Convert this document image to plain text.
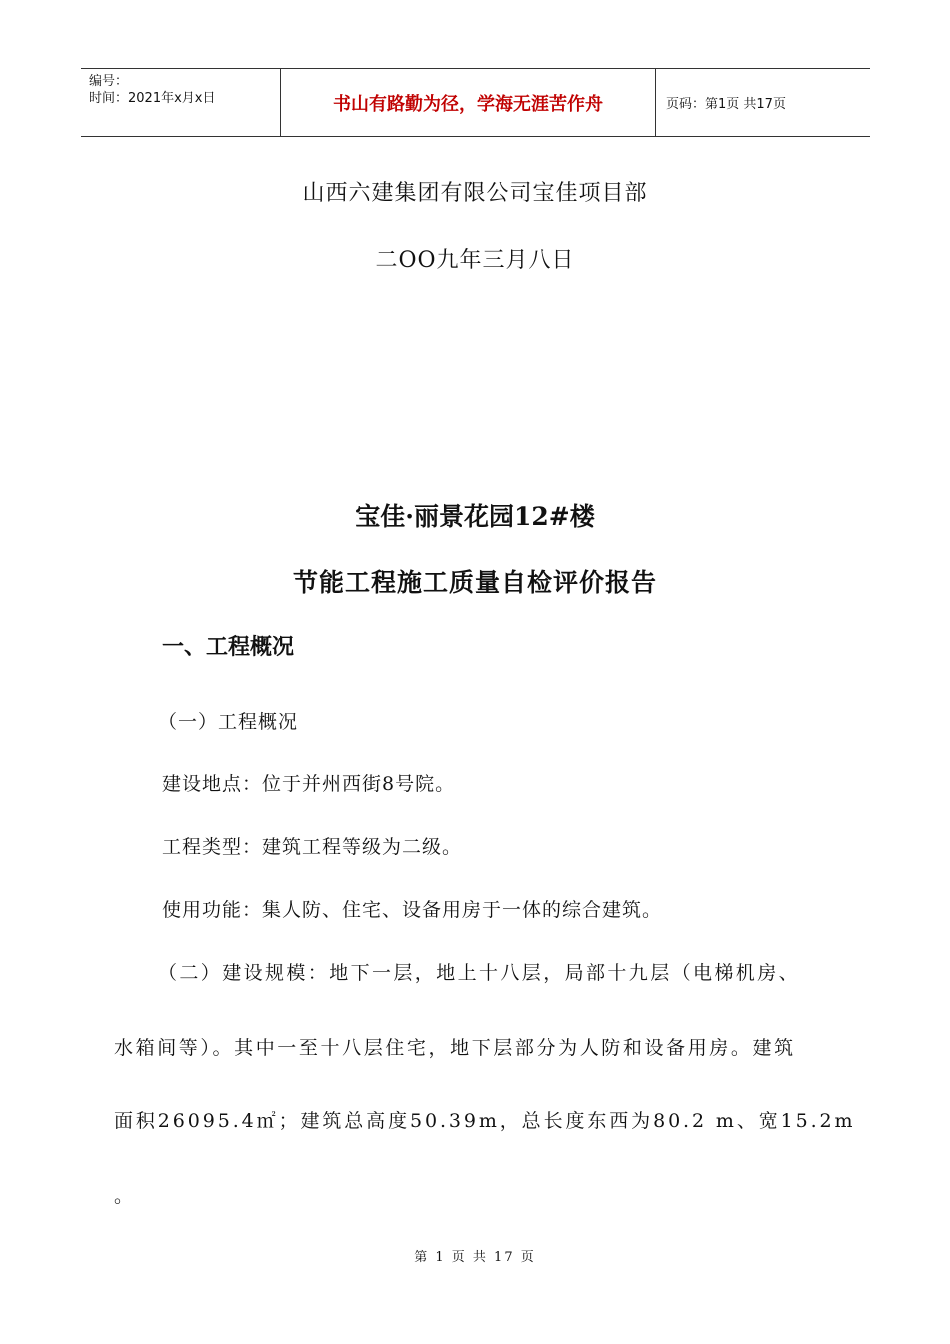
编号：
时间：2021年x月x日	书山有路勤为径，学海无涯苦作舟	页码：第1页 共17页
山西六建集团有限公司宝佳项目部
二OO九年三月八日
宝佳·丽景花园12#楼
节能工程施工质量自检评价报告
一、工程概况
（一）工程概况
建设地点：位于并州西街8号院。
工程类型：建筑工程等级为二级。
使用功能：集人防、住宅、设备用房于一体的综合建筑。
（二）建设规模：地下一层，地上十八层，局部十九层（电梯机房、
水箱间等）。其中一至十八层住宅，地下层部分为人防和设备用房。建筑
面积26095.4㎡；建筑总高度50.39m，总长度东西为80.2 m、宽15.2m
。
第 1 页 共 17 页
